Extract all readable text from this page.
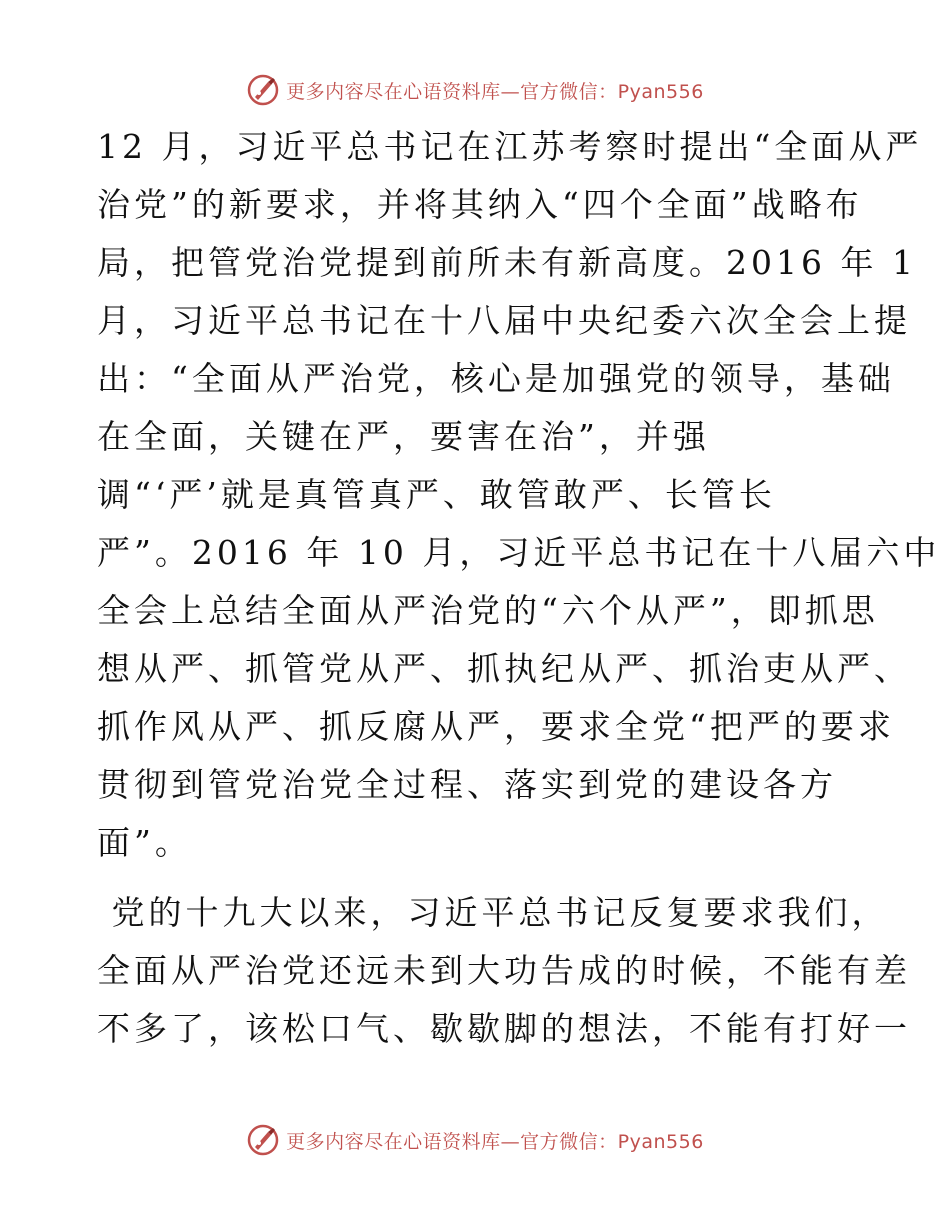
更多内容尽在心语资料库—官方微信：Pyan556

12 月，习近平总书记在江苏考察时提出“全面从严
治党”的新要求，并将其纳入“四个全面”战略布
局，把管党治党提到前所未有新高度。2016 年 1
月，习近平总书记在十八届中央纪委六次全会上提
出：“全面从严治党，核心是加强党的领导，基础
在全面，关键在严，要害在治”，并强
调“‘严’就是真管真严、敢管敢严、长管长
严”。2016 年 10 月，习近平总书记在十八届六中
全会上总结全面从严治党的“六个从严”，即抓思
想从严、抓管党从严、抓执纪从严、抓治吏从严、
抓作风从严、抓反腐从严，要求全党“把严的要求
贯彻到管党治党全过程、落实到党的建设各方
面”。

党的十九大以来，习近平总书记反复要求我们，
全面从严治党还远未到大功告成的时候，不能有差
不多了，该松口气、歇歇脚的想法，不能有打好一

更多内容尽在心语资料库—官方微信：Pyan556
